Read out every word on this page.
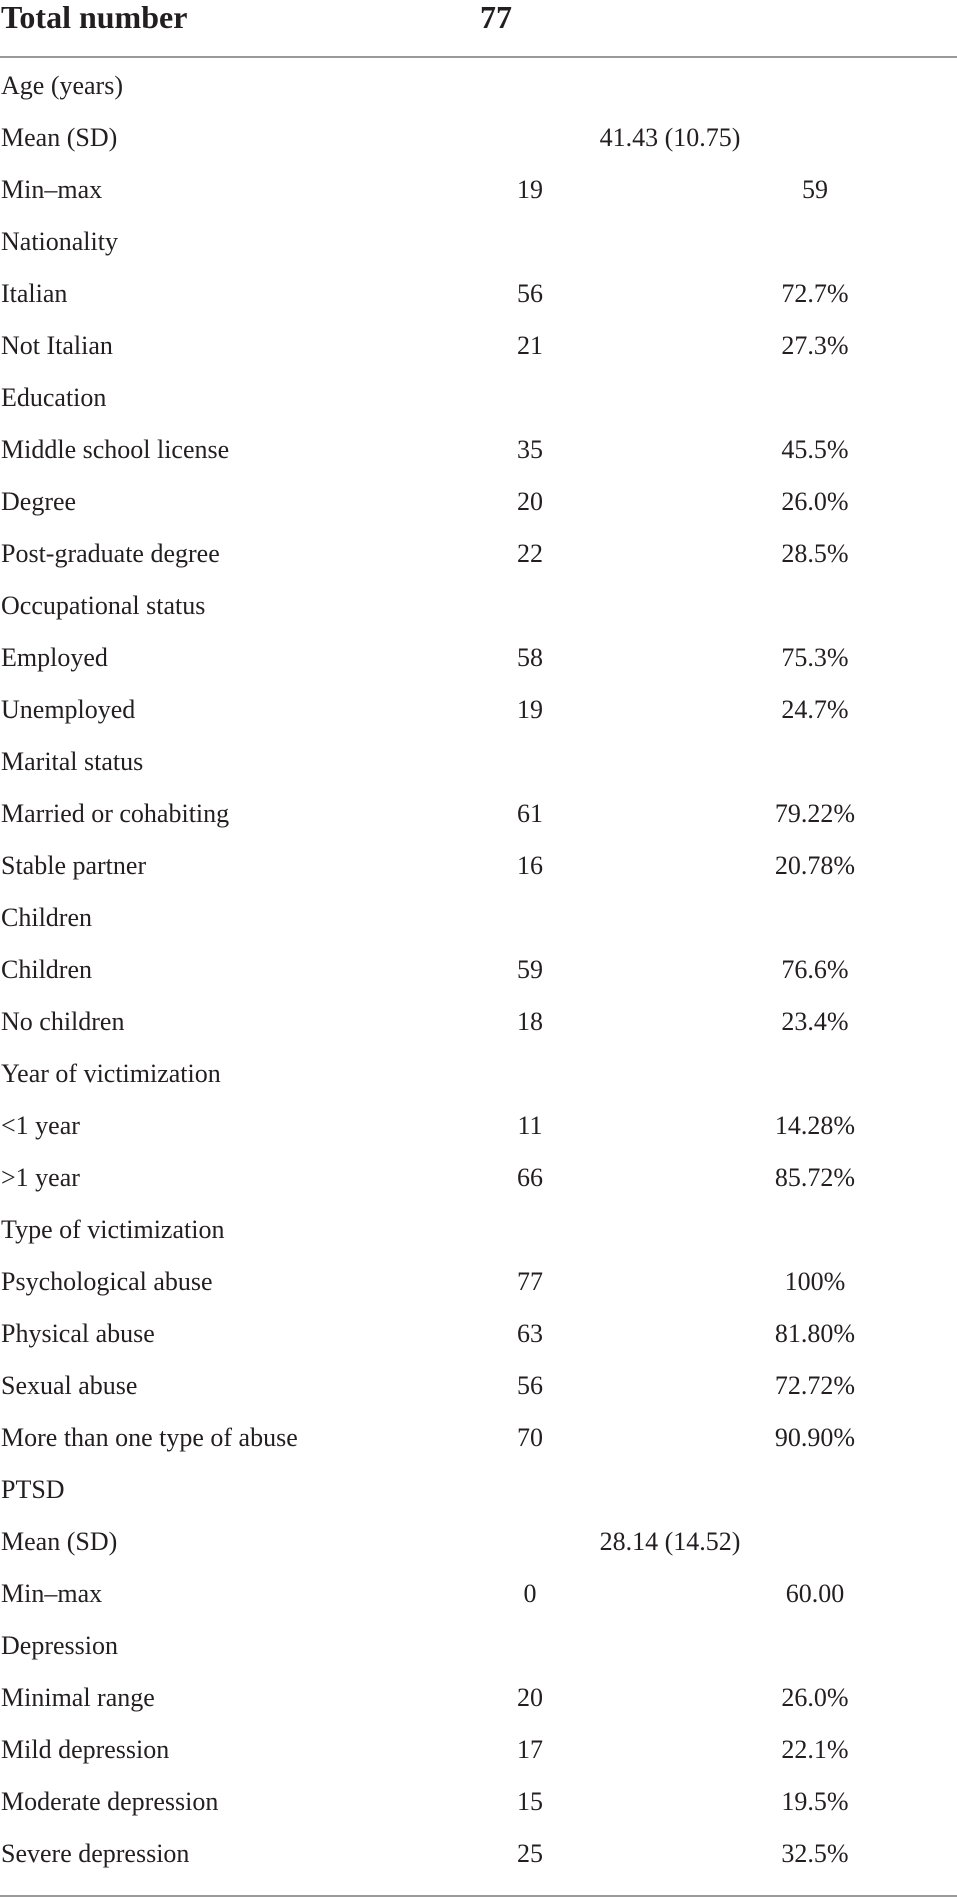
Total number	77
Age (years)
Mean (SD)	41.43 (10.75)
Min–max	19	59
Nationality
Italian	56	72.7%
Not Italian	21	27.3%
Education
Middle school license	35	45.5%
Degree	20	26.0%
Post-graduate degree	22	28.5%
Occupational status
Employed	58	75.3%
Unemployed	19	24.7%
Marital status
Married or cohabiting	61	79.22%
Stable partner	16	20.78%
Children
Children	59	76.6%
No children	18	23.4%
Year of victimization
<1 year	11	14.28%
>1 year	66	85.72%
Type of victimization
Psychological abuse	77	100%
Physical abuse	63	81.80%
Sexual abuse	56	72.72%
More than one type of abuse	70	90.90%
PTSD
Mean (SD)	28.14 (14.52)
Min–max	0	60.00
Depression
Minimal range	20	26.0%
Mild depression	17	22.1%
Moderate depression	15	19.5%
Severe depression	25	32.5%
